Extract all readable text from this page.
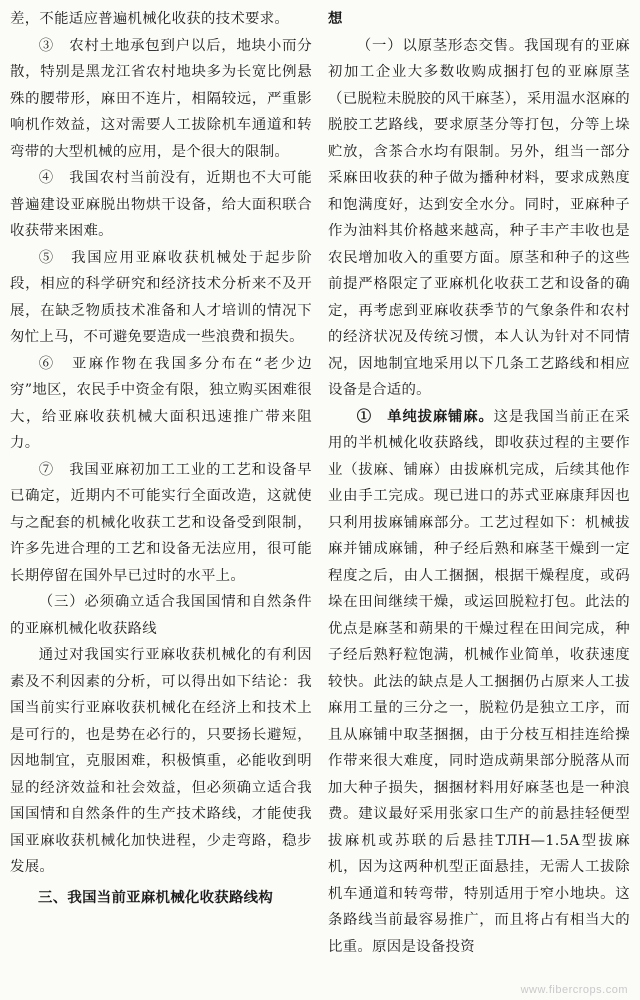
差，不能适应普遍机械化收获的技术要求。

③　农村土地承包到户以后，地块小而分散，特别是黑龙江省农村地块多为长宽比例悬殊的腰带形，麻田不连片，相隔较远，严重影响机作效益，这对需要人工拔除机车通道和转弯带的大型机械的应用，是个很大的限制。

④　我国农村当前没有，近期也不大可能普遍建设亚麻脱出物烘干设备，给大面积联合收获带来困难。

⑤　我国应用亚麻收获机械处于起步阶段，相应的科学研究和经济技术分析来不及开展，在缺乏物质技术准备和人才培训的情况下匆忙上马，不可避免要造成一些浪费和损失。

⑥　亚麻作物在我国多分布在“老少边穷”地区，农民手中资金有限，独立购买困难很大，给亚麻收获机械大面积迅速推广带来阻力。

⑦　我国亚麻初加工工业的工艺和设备早已确定，近期内不可能实行全面改造，这就使与之配套的机械化收获工艺和设备受到限制，许多先进合理的工艺和设备无法应用，很可能长期停留在国外早已过时的水平上。

（三）必须确立适合我国国情和自然条件的亚麻机械化收获路线

通过对我国实行亚麻收获机械化的有利因素及不利因素的分析，可以得出如下结论：我国当前实行亚麻收获机械化在经济上和技术上是可行的，也是势在必行的，只要扬长避短，因地制宜，克服困难，积极慎重，必能收到明显的经济效益和社会效益，但必须确立适合我国国情和自然条件的生产技术路线，才能使我国亚麻收获机械化加快进程，少走弯路，稳步发展。

三、我国当前亚麻机械化收获路线构

想

（一）以原茎形态交售。我国现有的亚麻初加工企业大多数收购成捆打包的亚麻原茎（已脱粒未脱胶的风干麻茎），采用温水沤麻的脱胶工艺路线，要求原茎分等打包，分等上垛贮放，含茶合水均有限制。另外，组当一部分采麻田收获的种子做为播种材料，要求成熟度和饱满度好，达到安全水分。同时，亚麻种子作为油料其价格越来越高，种子丰产丰收也是农民增加收入的重要方面。原茎和种子的这些前提严格限定了亚麻机化收获工艺和设备的确定，再考虑到亚麻收获季节的气象条件和农村的经济状况及传统习惯，本人认为针对不同情况，因地制宜地采用以下几条工艺路线和相应设备是合适的。

①　单纯拔麻铺麻。这是我国当前正在采用的半机械化收获路线，即收获过程的主要作业（拔麻、铺麻）由拔麻机完成，后续其他作业由手工完成。现已进口的苏式亚麻康拜因也只利用拔麻铺麻部分。工艺过程如下：机械拔麻并铺成麻铺，种子经后熟和麻茎干燥到一定程度之后，由人工捆捆，根据干燥程度，或码垛在田间继续干燥，或运回脱粒打包。此法的优点是麻茎和蒴果的干燥过程在田间完成，种子经后熟籽粒饱满，机械作业简单，收获速度较快。此法的缺点是人工捆捆仍占原来人工拔麻用工量的三分之一，脱粒仍是独立工序，而且从麻铺中取茎捆捆，由于分枝互相挂连给操作带来很大难度，同时造成蒴果部分脱落从而加大种子损失，捆捆材料用好麻茎也是一种浪费。建议最好采用张家口生产的前悬挂轻便型拔麻机或苏联的后悬挂TЛH—1.5A型拔麻机，因为这两种机型正面悬挂，无需人工拔除机车通道和转弯带，特别适用于窄小地块。这条路线当前最容易推广，而且将占有相当大的比重。原因是设备投资

www.fibercrops.com
